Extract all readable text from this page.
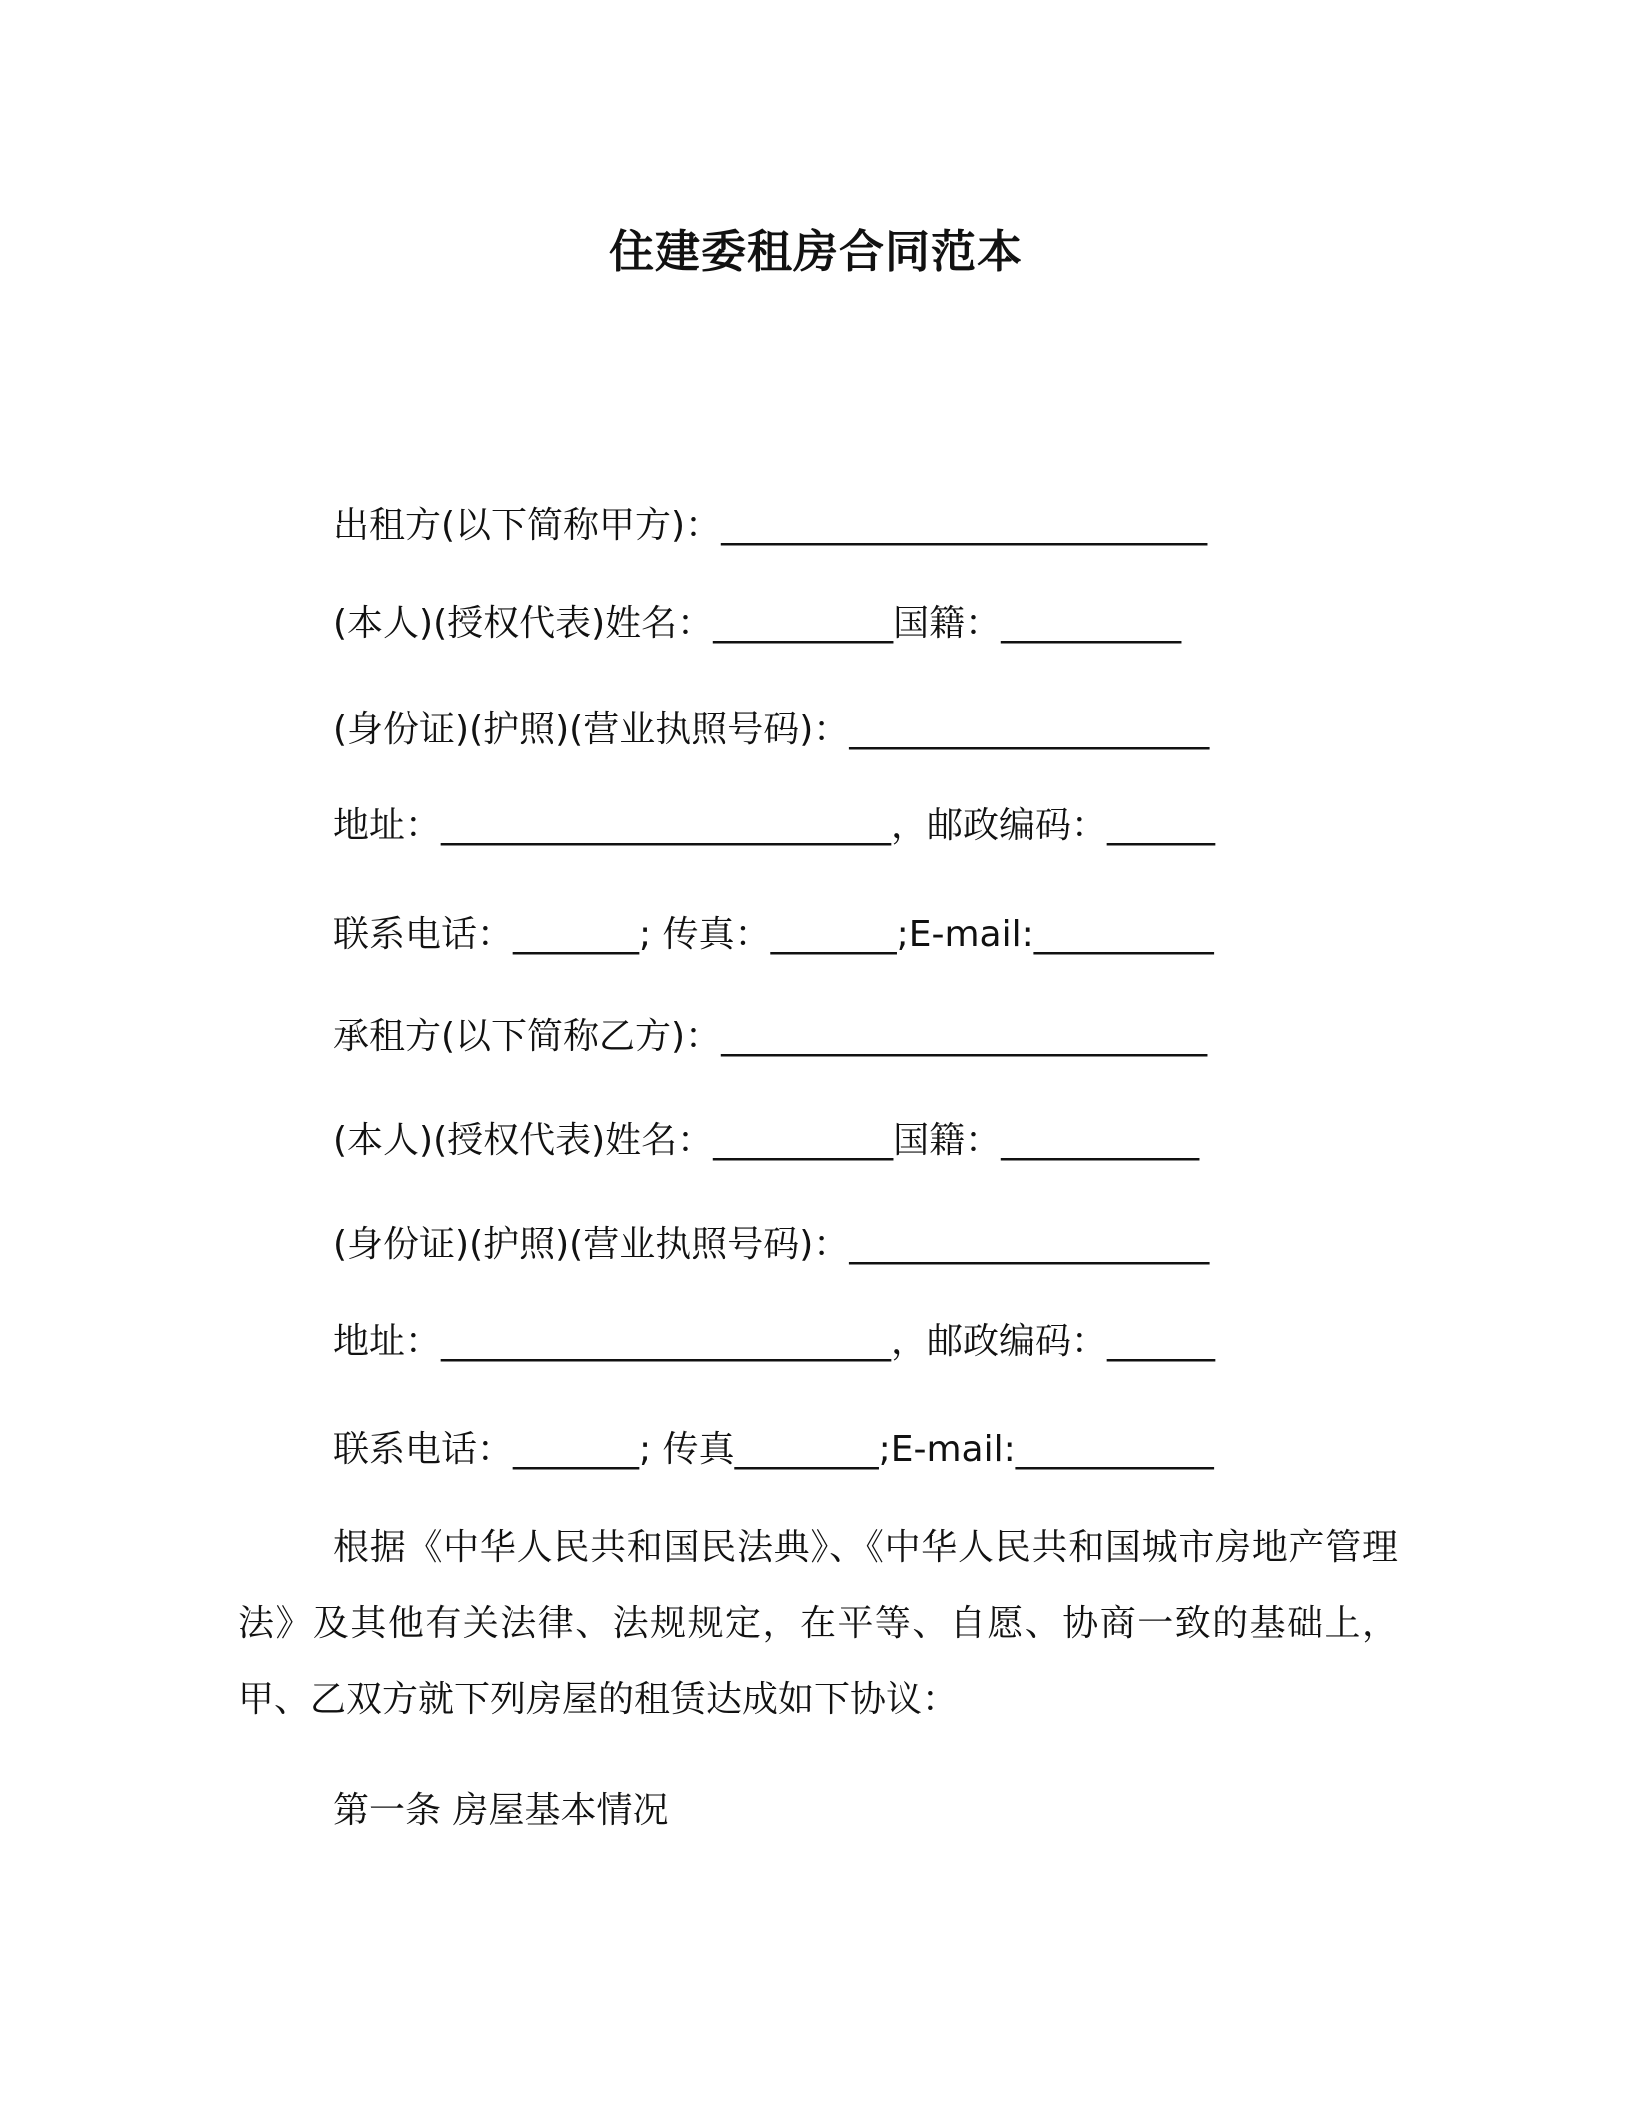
住建委租房合同范本
出租方(以下简称甲方)：___________________________
(本人)(授权代表)姓名：__________国籍：__________
(身份证)(护照)(营业执照号码)：____________________
地址：_________________________，邮政编码：______
联系电话：_______; 传真：_______;E-mail:__________
承租方(以下简称乙方)：___________________________
(本人)(授权代表)姓名：__________国籍：___________
(身份证)(护照)(营业执照号码)：____________________
地址：_________________________，邮政编码：______
联系电话：_______; 传真________;E-mail:___________

根据《中华人民共和国民法典》、《中华人民共和国城市房地产管理法》及其他有关法律、法规规定，在平等、自愿、协商一致的基础上，甲、乙双方就下列房屋的租赁达成如下协议：

第一条 房屋基本情况
